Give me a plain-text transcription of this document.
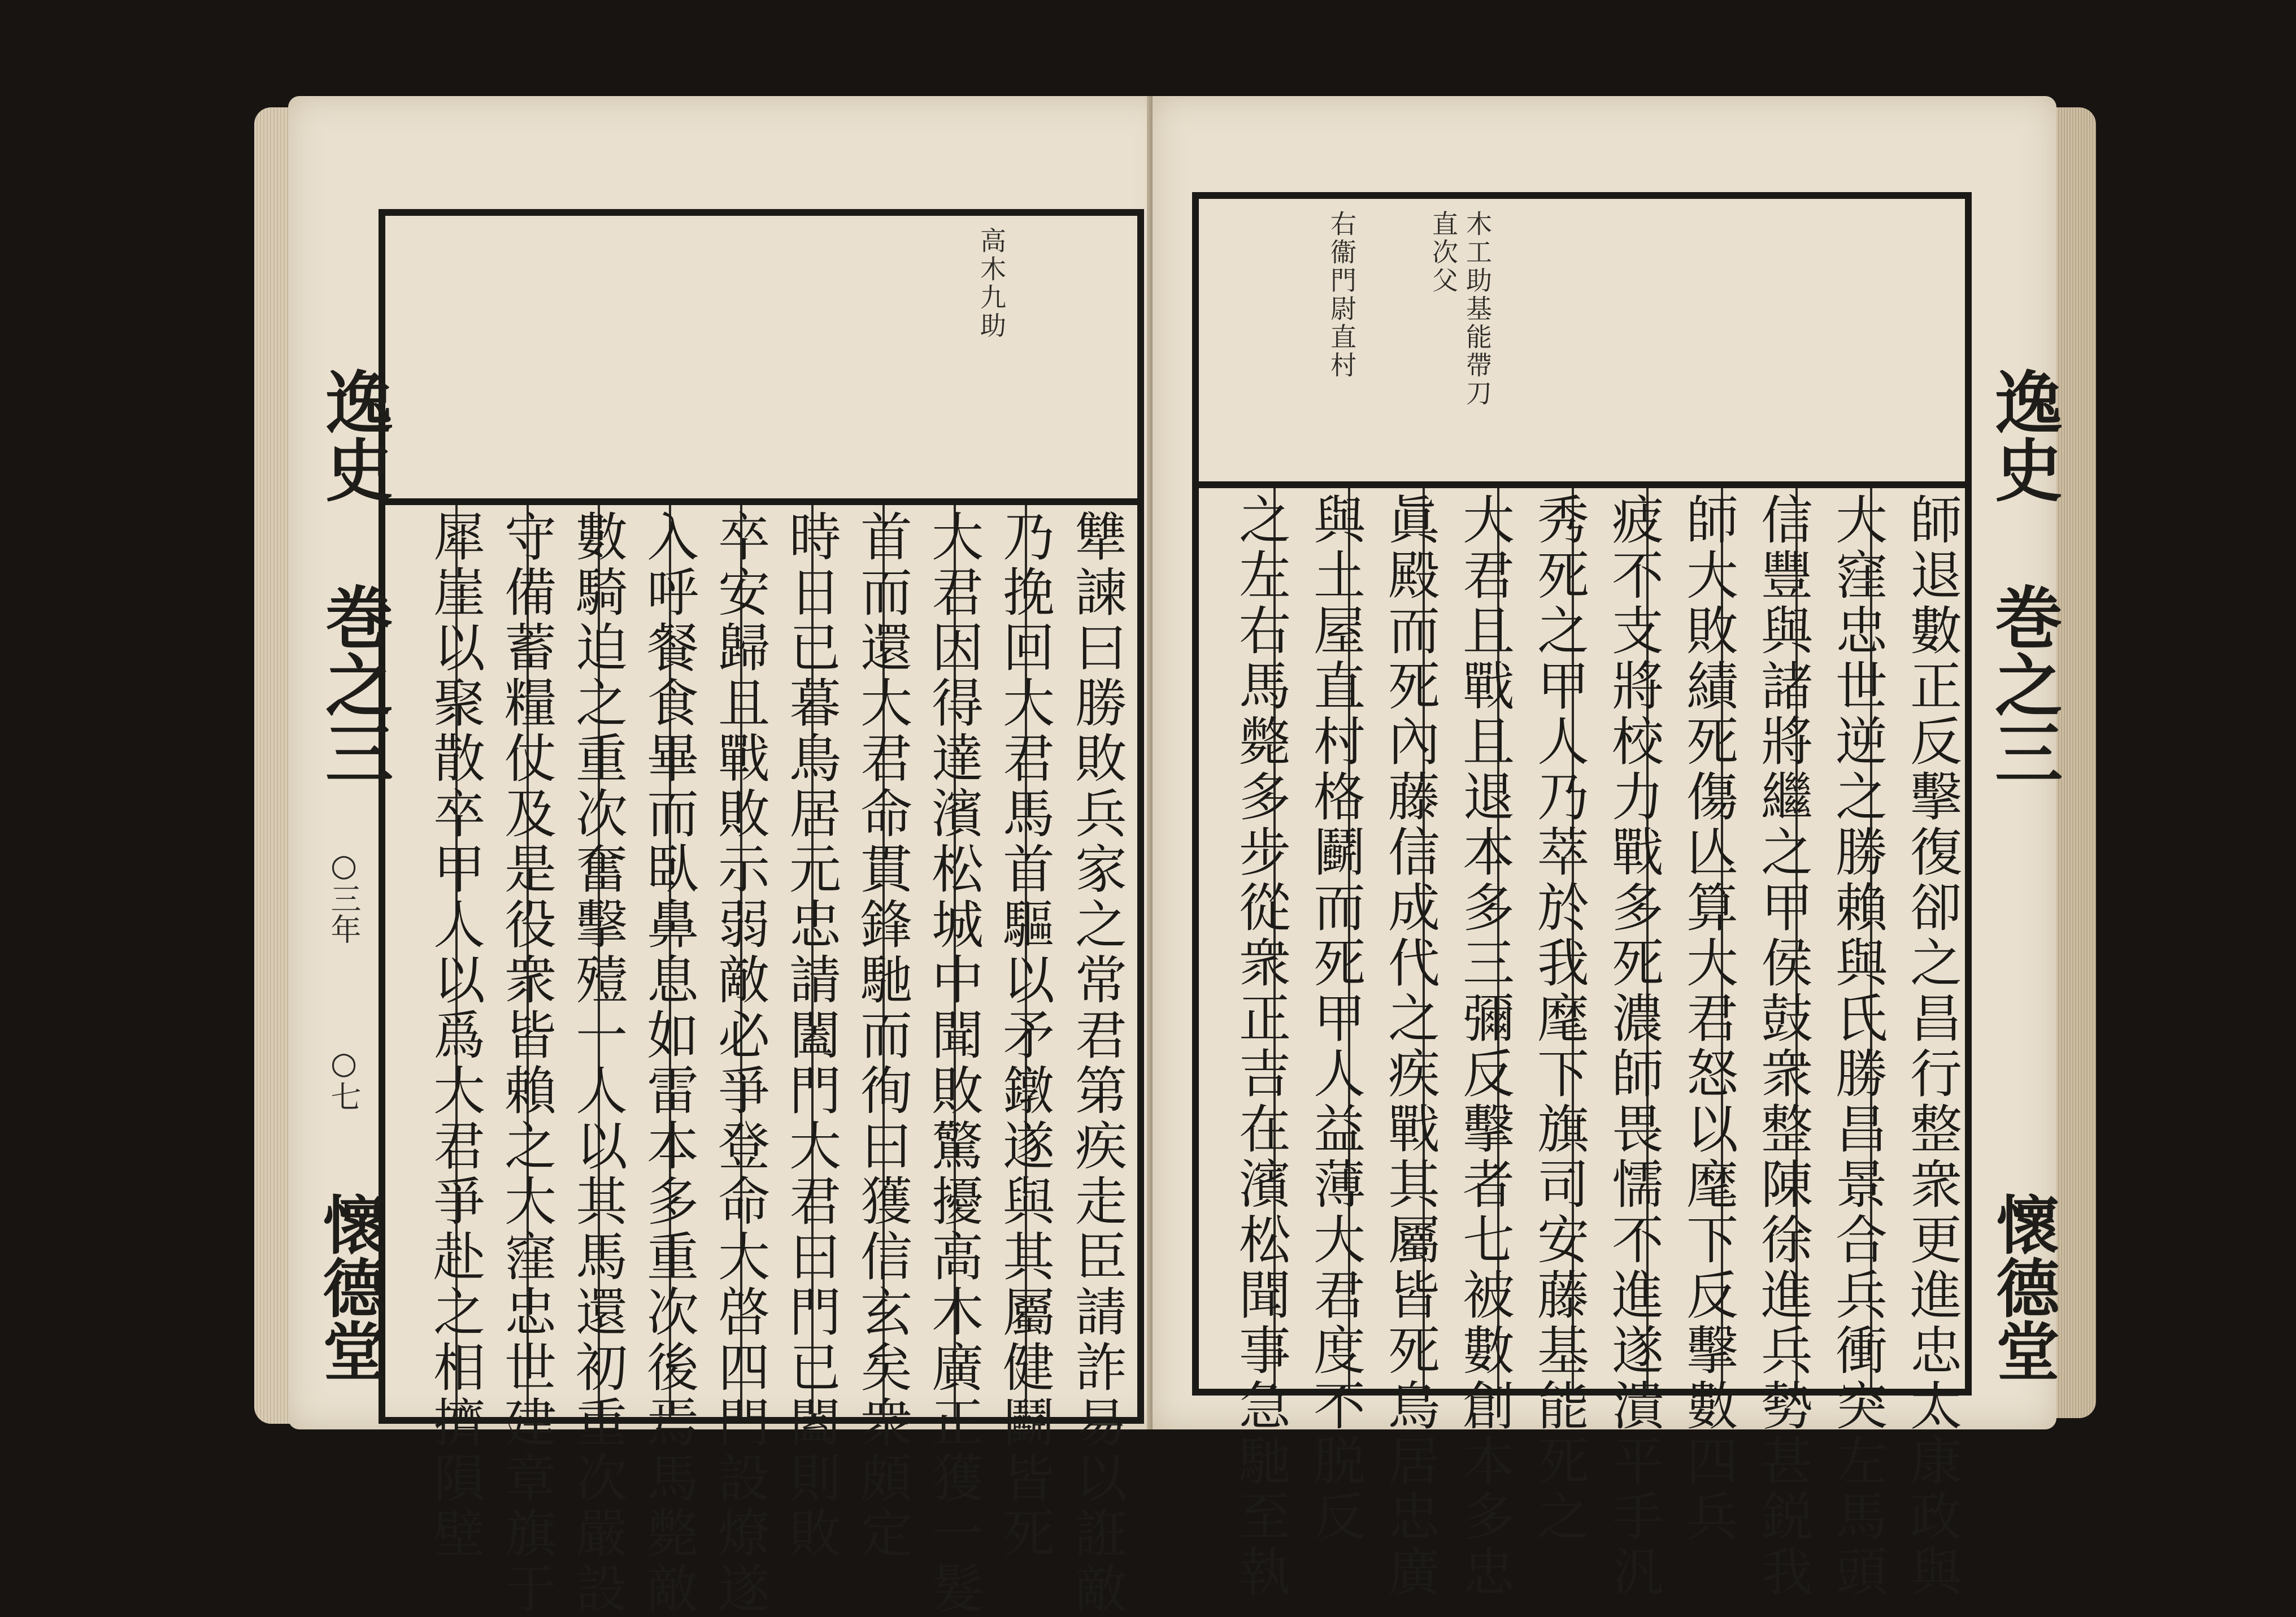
高木九助
犨諫曰勝敗兵家之常君第疾走臣請詐易以誑敵
乃挽回大君馬首驅以矛鐓遂與其屬健鬬皆死
大君因得達濱松城中聞敗驚擾高木廣正獲一髮
首而還大君命貫鋒馳而徇曰獲信玄矣衆頗定
時日已暮鳥居元忠請闔門大君曰門已闔則敗
卒安歸且戰敗示弱敵必爭登命大啓四門設燎遂
入呼餐食畢而臥鼻息如雷本多重次後焉馬斃敵
數騎迫之重次奮擊殪一人以其馬還初重次嚴設
守備蓄糧仗及是役衆皆賴之大窪忠世建章旗于
犀崖以聚散卒甲人以爲大君爭赴之相擠隕壁
逸史 巻之三
○三年
○七
懷德堂
木工助基能帶刀
直次父
右衞門尉直村
師退數正反擊復卻之昌行整衆更進忠太康政與
大窪忠世逆之勝賴與氏勝昌景合兵衝突左馬頭
信豐與諸將繼之甲侯鼓衆整陳徐進兵勢甚鋭我
師大敗績死傷亾算大君怒以麾下反擊數四兵
疲不支將校力戰多死濃師畏懦不進遂潰平手汎
秀死之甲人乃萃於我麾下旗司安藤基能死之
大君且戰且退本多三彌反擊者七被數創本多忠
眞殿而死內藤信成代之疾戰其屬皆死鳥居忠廣
與土屋直村格鬬而死甲人益薄大君度不脱反
之左右馬斃多步從衆正吉在濱松聞事急馳至執	逸史 巻之三
懷德堂
